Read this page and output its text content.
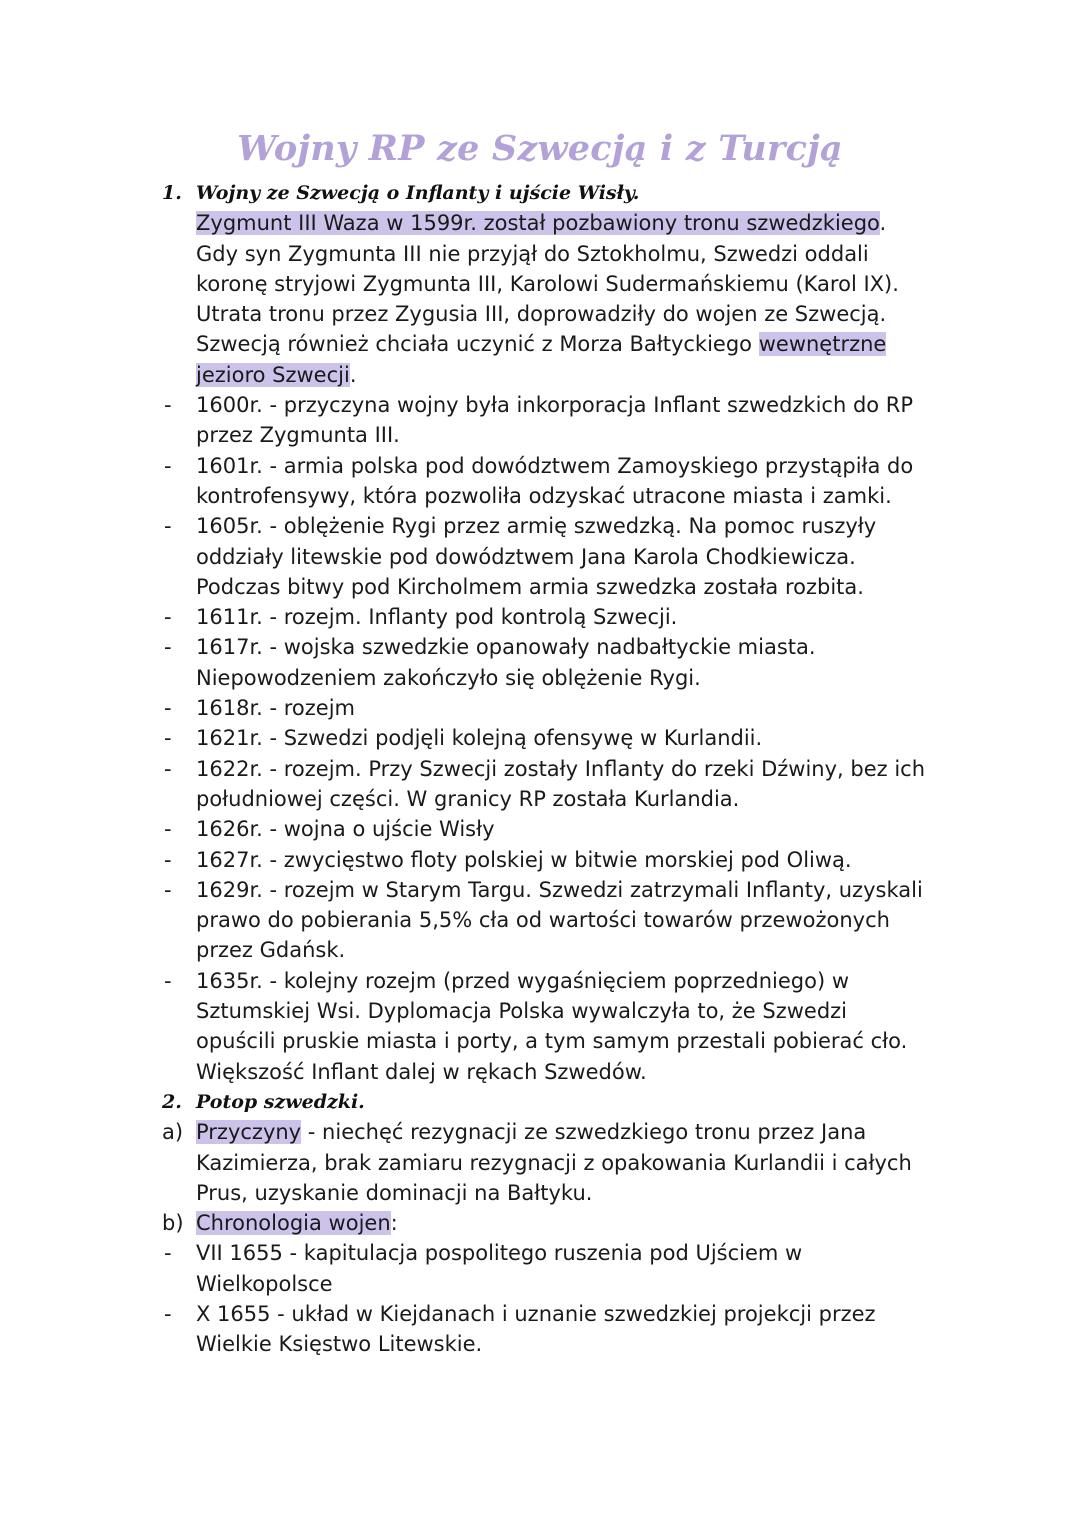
Wojny RP ze Szwecją i z Turcją
1. Wojny ze Szwecją o Inflanty i ujście Wisły.
Zygmunt III Waza w 1599r. został pozbawiony tronu szwedzkiego.
Gdy syn Zygmunta III nie przyjął do Sztokholmu, Szwedzi oddali
koronę stryjowi Zygmunta III, Karolowi Sudermańskiemu (Karol IX).
Utrata tronu przez Zygusia III, doprowadziły do wojen ze Szwecją.
Szwecją również chciała uczynić z Morza Bałtyckiego wewnętrzne
jezioro Szwecji.
- 1600r. - przyczyna wojny była inkorporacja Inflant szwedzkich do RP
przez Zygmunta III.
- 1601r. - armia polska pod dowództwem Zamoyskiego przystąpiła do
kontrofensywy, która pozwoliła odzyskać utracone miasta i zamki.
- 1605r. - oblężenie Rygi przez armię szwedzką. Na pomoc ruszyły
oddziały litewskie pod dowództwem Jana Karola Chodkiewicza.
Podczas bitwy pod Kircholmem armia szwedzka została rozbita.
- 1611r. - rozejm. Inflanty pod kontrolą Szwecji.
- 1617r. - wojska szwedzkie opanowały nadbałtyckie miasta.
Niepowodzeniem zakończyło się oblężenie Rygi.
- 1618r. - rozejm
- 1621r. - Szwedzi podjęli kolejną ofensywę w Kurlandii.
- 1622r. - rozejm. Przy Szwecji zostały Inflanty do rzeki Dźwiny, bez ich
południowej części. W granicy RP została Kurlandia.
- 1626r. - wojna o ujście Wisły
- 1627r. - zwycięstwo floty polskiej w bitwie morskiej pod Oliwą.
- 1629r. - rozejm w Starym Targu. Szwedzi zatrzymali Inflanty, uzyskali
prawo do pobierania 5,5% cła od wartości towarów przewożonych
przez Gdańsk.
- 1635r. - kolejny rozejm (przed wygaśnięciem poprzedniego) w
Sztumskiej Wsi. Dyplomacja Polska wywalczyła to, że Szwedzi
opuścili pruskie miasta i porty, a tym samym przestali pobierać cło.
Większość Inflant dalej w rękach Szwedów.
2. Potop szwedzki.
a) Przyczyny - niechęć rezygnacji ze szwedzkiego tronu przez Jana
Kazimierza, brak zamiaru rezygnacji z opakowania Kurlandii i całych
Prus, uzyskanie dominacji na Bałtyku.
b) Chronologia wojen:
- VII 1655 - kapitulacja pospolitego ruszenia pod Ujściem w
Wielkopolsce
- X 1655 - układ w Kiejdanach i uznanie szwedzkiej projekcji przez
Wielkie Księstwo Litewskie.
